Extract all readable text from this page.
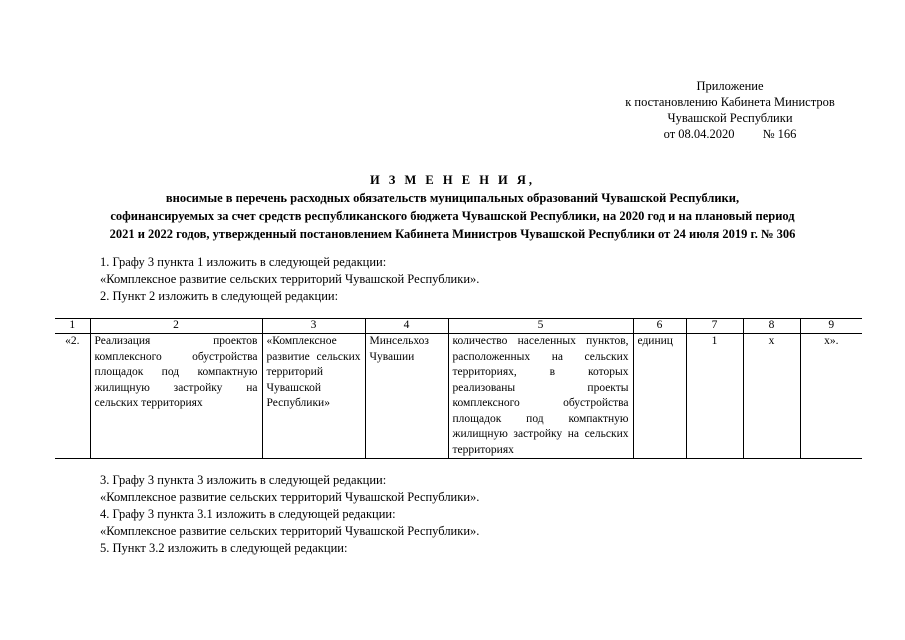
Приложение
к постановлению Кабинета Министров
Чувашской Республики
от 08.04.2020 № 166
И З М Е Н Е Н И Я,
вносимые в перечень расходных обязательств муниципальных образований Чувашской Республики,
софинансируемых за счет средств республиканского бюджета Чувашской Республики, на 2020 год и на плановый период
2021 и 2022 годов, утвержденный постановлением Кабинета Министров Чувашской Республики от 24 июля 2019 г. № 306
1. Графу 3 пункта 1 изложить в следующей редакции:
«Комплексное развитие сельских территорий Чувашской Республики».
2. Пункт 2 изложить в следующей редакции:
1	2	3	4	5	6	7	8	9
«2.	Реализация проектов комплексного обустройства площадок под компактную жилищную застройку на сельских территориях	«Комплексное развитие сельских территорий Чувашской Республики»	Минсельхоз Чувашии	количество населенных пунктов, расположенных на сельских территориях, в которых реализованы проекты комплексного обустройства площадок под компактную жилищную застройку на сельских территориях	единиц	1	х	х».
3. Графу 3 пункта 3 изложить в следующей редакции:
«Комплексное развитие сельских территорий Чувашской Республики».
4. Графу 3 пункта 3.1 изложить в следующей редакции:
«Комплексное развитие сельских территорий Чувашской Республики».
5. Пункт 3.2 изложить в следующей редакции:
